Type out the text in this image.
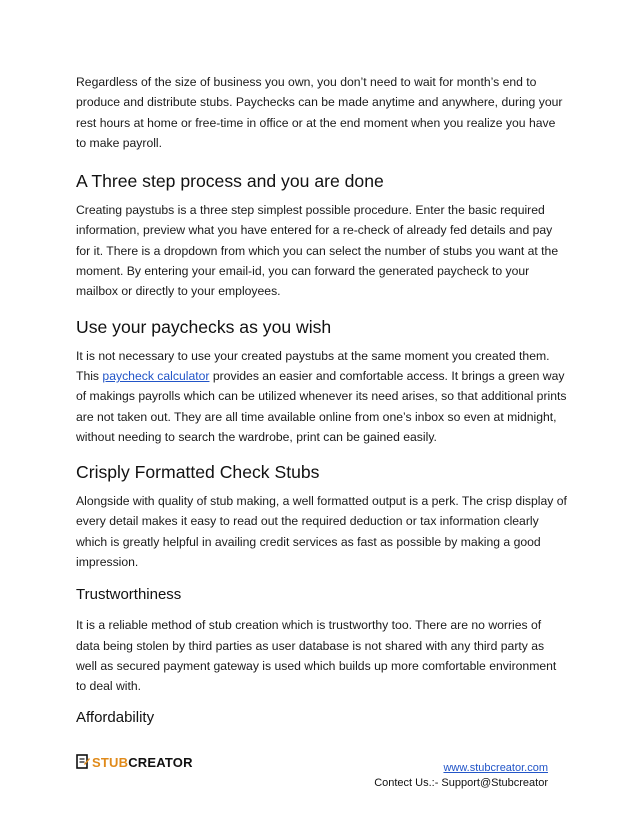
Regardless of the size of business you own, you don’t need to wait for month’s end to produce and distribute stubs. Paychecks can be made anytime and anywhere, during your rest hours at home or free-time in office or at the end moment when you realize you have to make payroll.

A Three step process and you are done

Creating paystubs is a three step simplest possible procedure. Enter the basic required information, preview what you have entered for a re-check of already fed details and pay for it. There is a dropdown from which you can select the number of stubs you want at the moment. By entering your email-id, you can forward the generated paycheck to your mailbox or directly to your employees.

Use your paychecks as you wish

It is not necessary to use your created paystubs at the same moment you created them. This paycheck calculator provides an easier and comfortable access. It brings a green way of makings payrolls which can be utilized whenever its need arises, so that additional prints are not taken out. They are all time available online from one’s inbox so even at midnight, without needing to search the wardrobe, print can be gained easily.

Crisply Formatted Check Stubs

Alongside with quality of stub making, a well formatted output is a perk. The crisp display of every detail makes it easy to read out the required deduction or tax information clearly which is greatly helpful in availing credit services as fast as possible by making a good impression.

Trustworthiness

It is a reliable method of stub creation which is trustworthy too. There are no worries of data being stolen by third parties as user database is not shared with any third party as well as secured payment gateway is used which builds up more comfortable environment to deal with.

Affordability
STUB CREATOR	www.stubcreator.com
Contect Us.:- Support@Stubcreator
